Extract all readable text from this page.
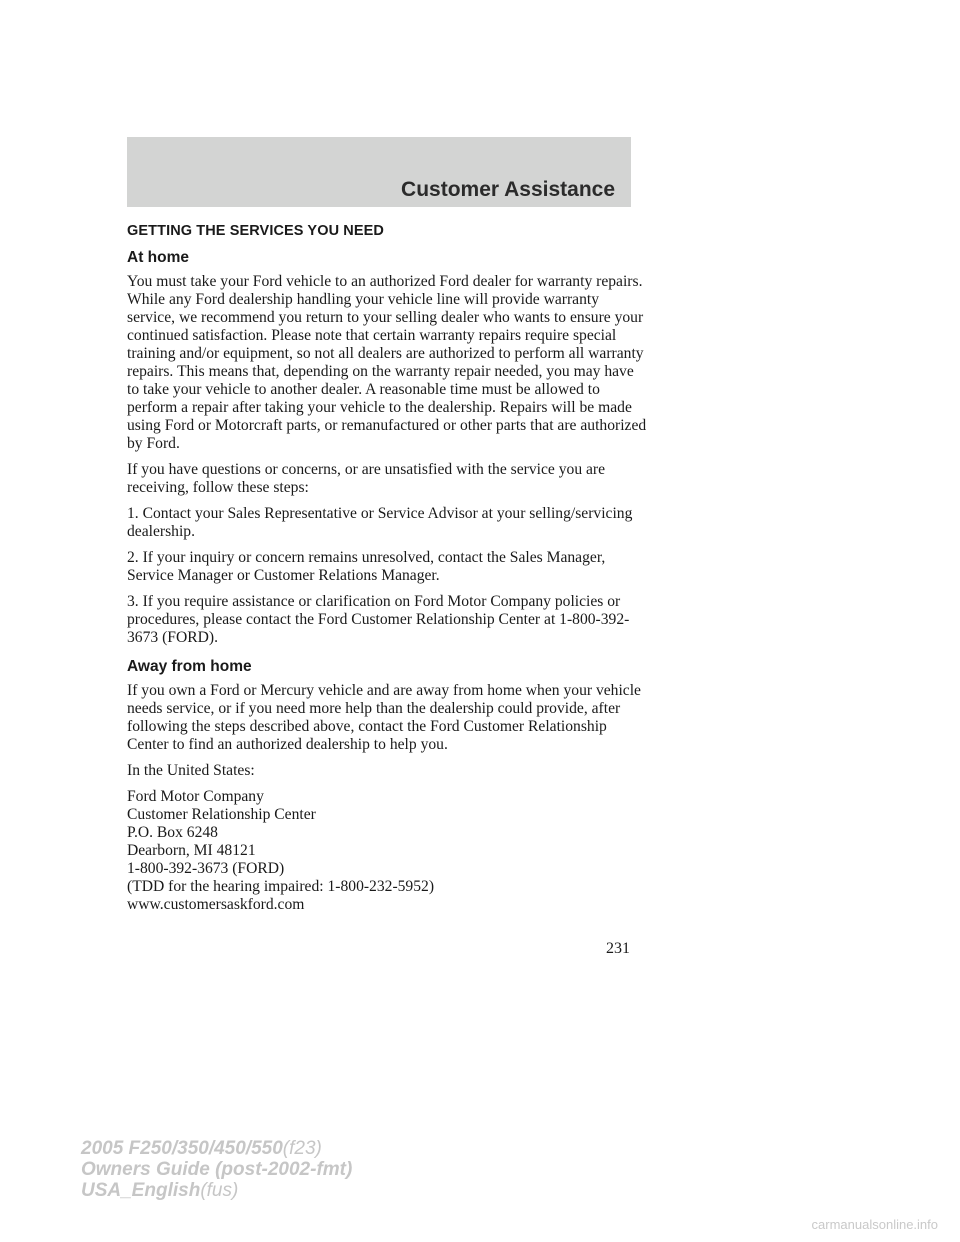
Customer Assistance
GETTING THE SERVICES YOU NEED
At home

You must take your Ford vehicle to an authorized Ford dealer for warranty repairs. While any Ford dealership handling your vehicle line will provide warranty service, we recommend you return to your selling dealer who wants to ensure your continued satisfaction. Please note that certain warranty repairs require special training and/or equipment, so not all dealers are authorized to perform all warranty repairs. This means that, depending on the warranty repair needed, you may have to take your vehicle to another dealer. A reasonable time must be allowed to perform a repair after taking your vehicle to the dealership. Repairs will be made using Ford or Motorcraft parts, or remanufactured or other parts that are authorized by Ford.

If you have questions or concerns, or are unsatisfied with the service you are receiving, follow these steps:

1. Contact your Sales Representative or Service Advisor at your selling/servicing dealership.

2. If your inquiry or concern remains unresolved, contact the Sales Manager, Service Manager or Customer Relations Manager.

3. If you require assistance or clarification on Ford Motor Company policies or procedures, please contact the Ford Customer Relationship Center at 1-800-392-3673 (FORD).

Away from home

If you own a Ford or Mercury vehicle and are away from home when your vehicle needs service, or if you need more help than the dealership could provide, after following the steps described above, contact the Ford Customer Relationship Center to find an authorized dealership to help you.

In the United States:

Ford Motor Company
Customer Relationship Center
P.O. Box 6248
Dearborn, MI 48121
1-800-392-3673 (FORD)
(TDD for the hearing impaired: 1-800-232-5952)
www.customersaskford.com
231
2005 F250/350/450/550(f23)
Owners Guide (post-2002-fmt)
USA_English(fus)
carmanualsonline.info
